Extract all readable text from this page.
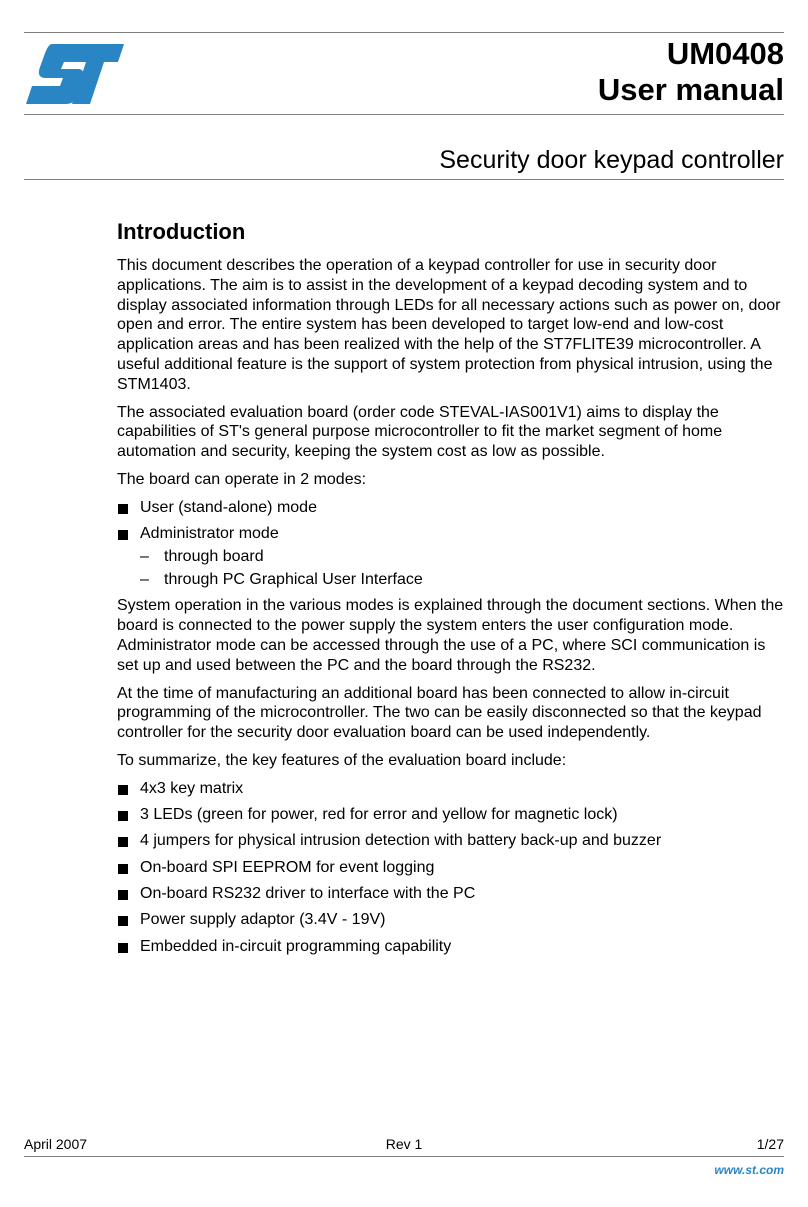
UM0408
User manual
Security door keypad controller
Introduction

This document describes the operation of a keypad controller for use in security door applications. The aim is to assist in the development of a keypad decoding system and to display associated information through LEDs for all necessary actions such as power on, door open and error. The entire system has been developed to target low-end and low-cost application areas and has been realized with the help of the ST7FLITE39 microcontroller. A useful additional feature is the support of system protection from physical intrusion, using the STM1403.

The associated evaluation board (order code STEVAL-IAS001V1) aims to display the capabilities of ST's general purpose microcontroller to fit the market segment of home automation and security, keeping the system cost as low as possible.

The board can operate in 2 modes:

User (stand-alone) mode
Administrator mode
– through board
– through PC Graphical User Interface

System operation in the various modes is explained through the document sections. When the board is connected to the power supply the system enters the user configuration mode. Administrator mode can be accessed through the use of a PC, where SCI communication is set up and used between the PC and the board through the RS232.

At the time of manufacturing an additional board has been connected to allow in-circuit programming of the microcontroller. The two can be easily disconnected so that the keypad controller for the security door evaluation board can be used independently.

To summarize, the key features of the evaluation board include:

4x3 key matrix
3 LEDs (green for power, red for error and yellow for magnetic lock)
4 jumpers for physical intrusion detection with battery back-up and buzzer
On-board SPI EEPROM for event logging
On-board RS232 driver to interface with the PC
Power supply adaptor (3.4V - 19V)
Embedded in-circuit programming capability
April 2007	Rev 1	1/27
www.st.com
